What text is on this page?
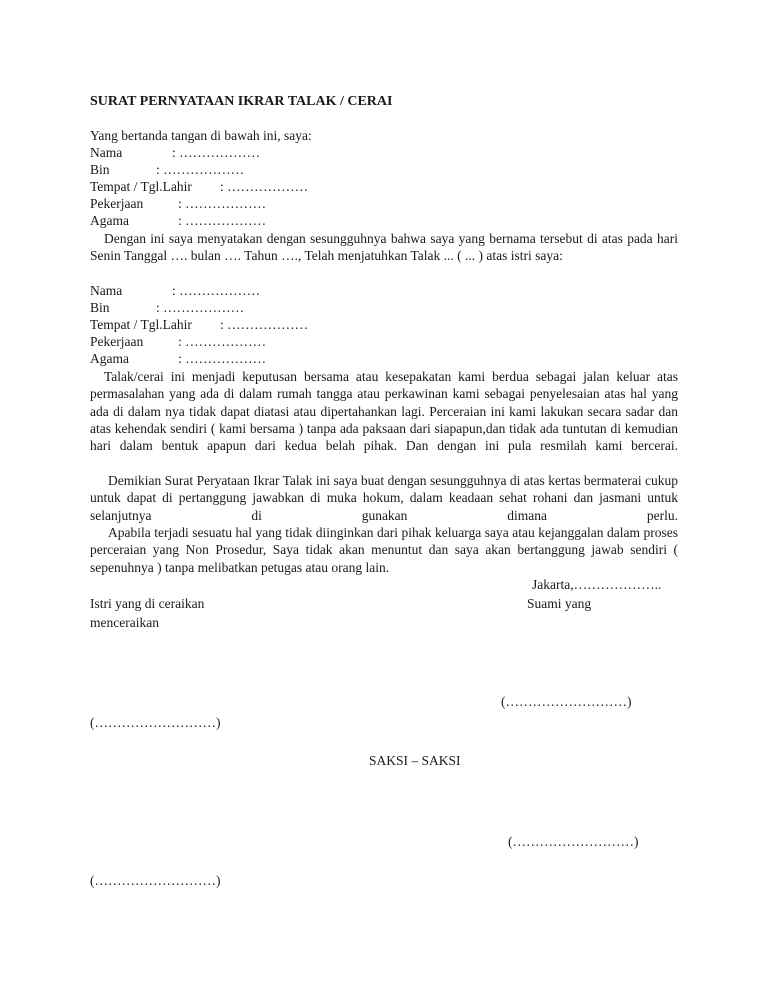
SURAT PERNYATAAN IKRAR TALAK / CERAI
Yang bertanda tangan di bawah ini, saya:
Nama	: ………………
Bin	: ………………
Tempat / Tgl.Lahir : ………………
Pekerjaan	: ………………
Agama	: ………………
Dengan ini saya menyatakan dengan sesungguhnya bahwa saya yang bernama tersebut di atas pada hari Senin Tanggal …. bulan …. Tahun …., Telah menjatuhkan Talak ... ( ... ) atas istri saya:
Nama	: ………………
Bin	: ………………
Tempat / Tgl.Lahir : ………………
Pekerjaan	: ………………
Agama	: ………………
Talak/cerai ini menjadi keputusan bersama atau kesepakatan kami berdua sebagai jalan keluar atas permasalahan yang ada di dalam rumah tangga atau perkawinan kami sebagai penyelesaian atas hal yang ada di dalam nya tidak dapat diatasi atau dipertahankan lagi. Perceraian ini kami lakukan secara sadar dan atas kehendak sendiri ( kami bersama ) tanpa ada paksaan dari siapapun,dan tidak ada tuntutan di kemudian hari dalam bentuk apapun dari kedua belah pihak. Dan dengan ini pula resmilah kami bercerai.
Demikian Surat Peryataan Ikrar Talak ini saya buat dengan sesungguhnya di atas kertas bermaterai cukup untuk dapat di pertanggung jawabkan di muka hokum, dalam keadaan sehat rohani dan jasmani untuk selanjutnya di gunakan dimana perlu.
Apabila terjadi sesuatu hal yang tidak diinginkan dari pihak keluarga saya atau kejanggalan dalam proses perceraian yang Non Prosedur, Saya tidak akan menuntut dan saya akan bertanggung jawab sendiri ( sepenuhnya ) tanpa melibatkan petugas atau orang lain.
Jakarta,………………..
Istri yang di ceraikan	Suami yang
menceraikan
(………………………)
(………………………)
SAKSI – SAKSI
(………………………)
(………………………)
